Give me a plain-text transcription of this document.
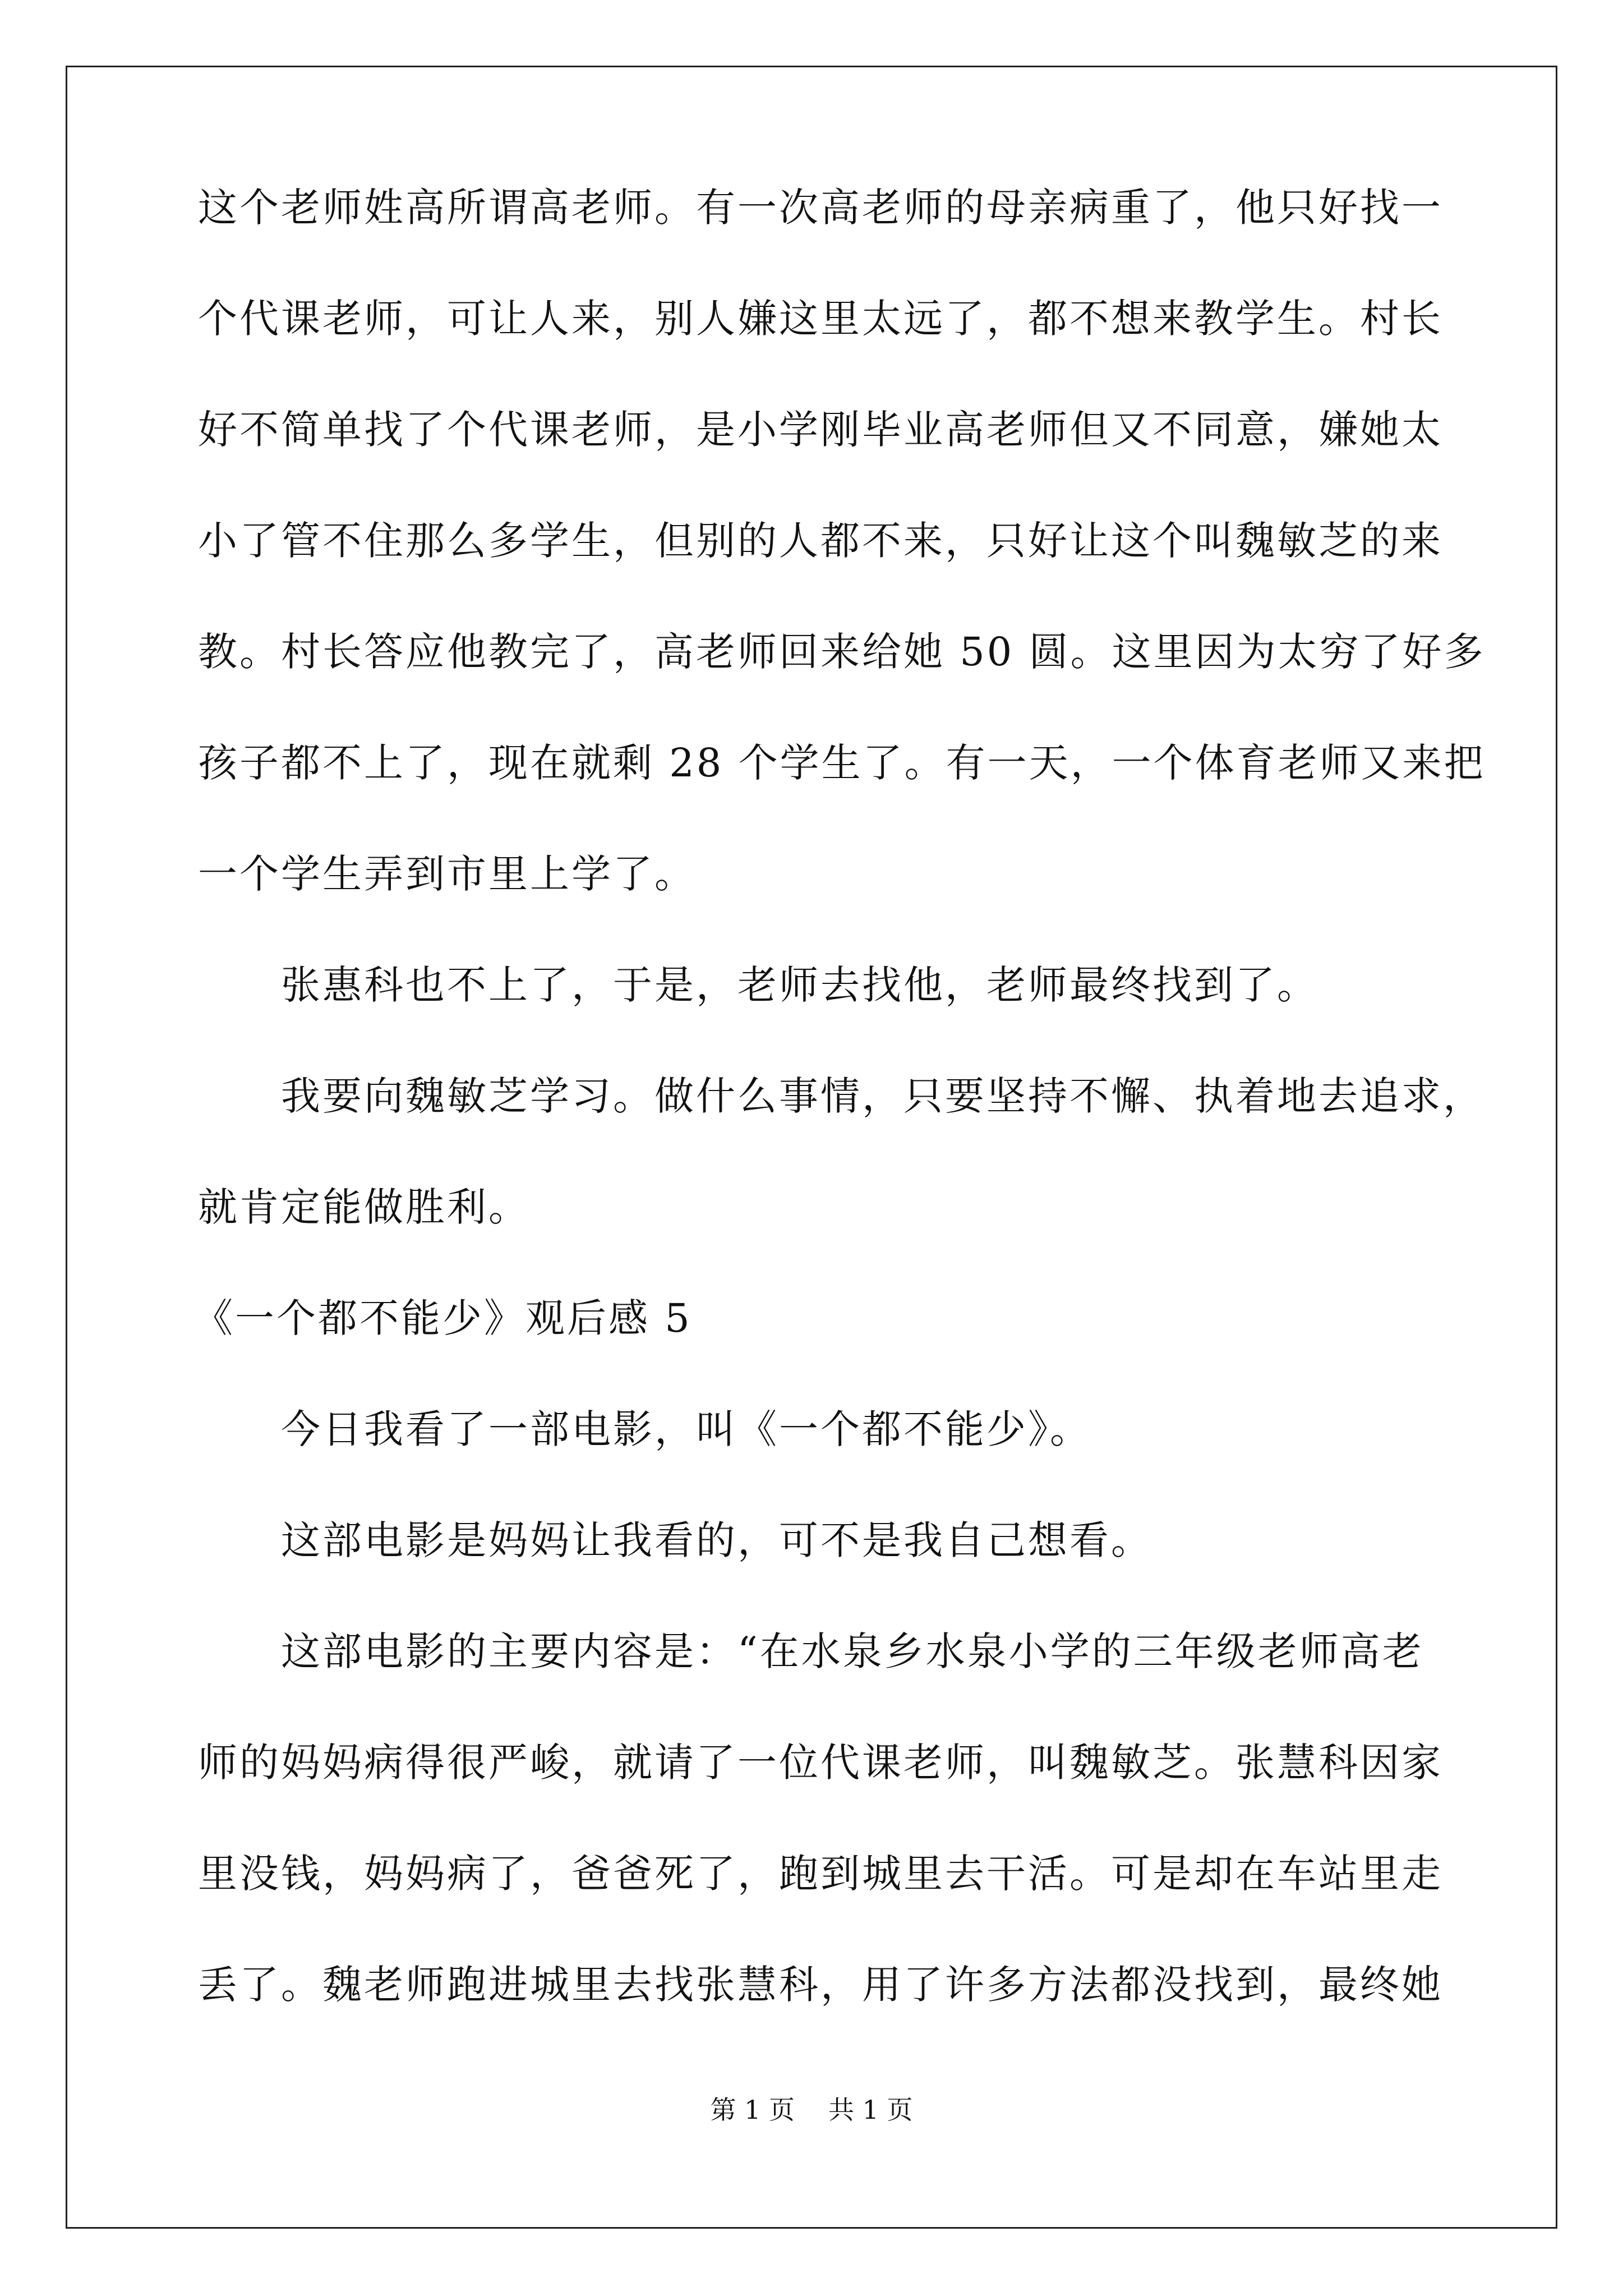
这个老师姓高所谓高老师。有一次高老师的母亲病重了，他只好找一
个代课老师，可让人来，别人嫌这里太远了，都不想来教学生。村长
好不简单找了个代课老师，是小学刚毕业高老师但又不同意，嫌她太
小了管不住那么多学生，但别的人都不来，只好让这个叫魏敏芝的来
教。村长答应他教完了，高老师回来给她 50 圆。这里因为太穷了好多
孩子都不上了，现在就剩 28 个学生了。有一天，一个体育老师又来把
一个学生弄到市里上学了。
张惠科也不上了，于是，老师去找他，老师最终找到了。
我要向魏敏芝学习。做什么事情，只要坚持不懈、执着地去追求，
就肯定能做胜利。
《一个都不能少》观后感 5
今日我看了一部电影，叫《一个都不能少》。
这部电影是妈妈让我看的，可不是我自己想看。
这部电影的主要内容是：“在水泉乡水泉小学的三年级老师高老
师的妈妈病得很严峻，就请了一位代课老师，叫魏敏芝。张慧科因家
里没钱，妈妈病了，爸爸死了，跑到城里去干活。可是却在车站里走
丢了。魏老师跑进城里去找张慧科，用了许多方法都没找到，最终她
第 1 页 共 1 页
